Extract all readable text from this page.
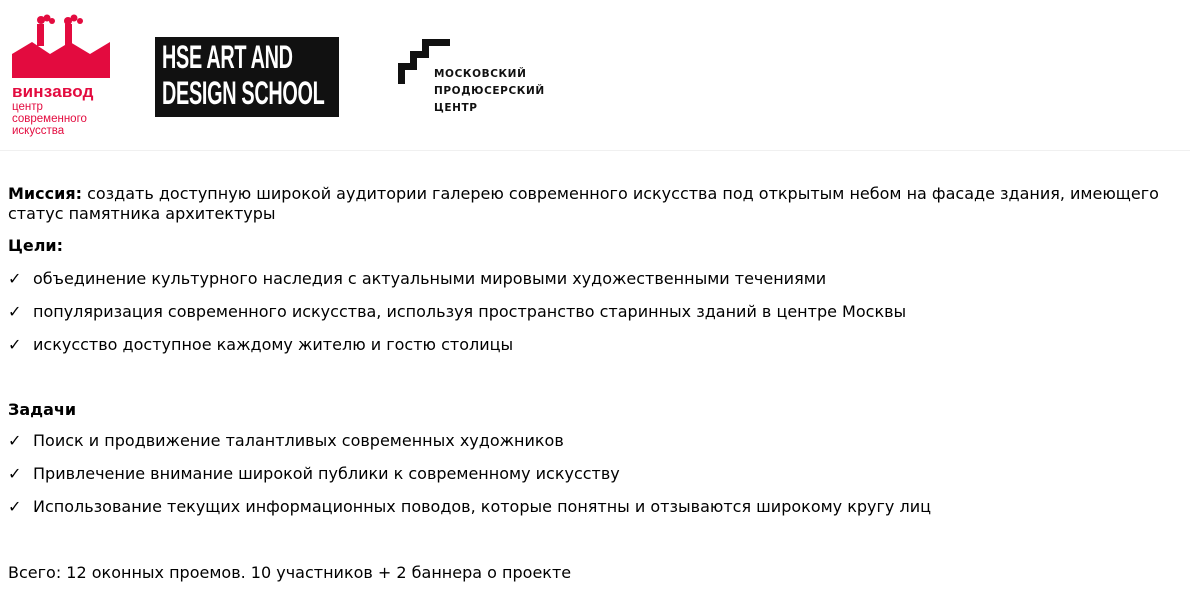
винзавод
центр
современного
искусства
HSE ART AND
DESIGN SCHOOL
МОСКОВСКИЙ
ПРОДЮСЕРСКИЙ
ЦЕНТР

Миссия: создать доступную широкой аудитории галерею современного искусства под открытым небом на фасаде здания, имеющего статус памятника архитектуры

Цели:
✓ объединение культурного наследия с актуальными мировыми художественными течениями
✓ популяризация современного искусства, используя пространство старинных зданий в центре Москвы
✓ искусство доступное каждому жителю и гостю столицы
Задачи
✓ Поиск и продвижение талантливых современных художников
✓ Привлечение внимание широкой публики к современному искусству
✓ Использование текущих информационных поводов, которые понятны и отзываются широкому кругу лиц
Всего: 12 оконных проемов. 10 участников + 2 баннера о проекте
